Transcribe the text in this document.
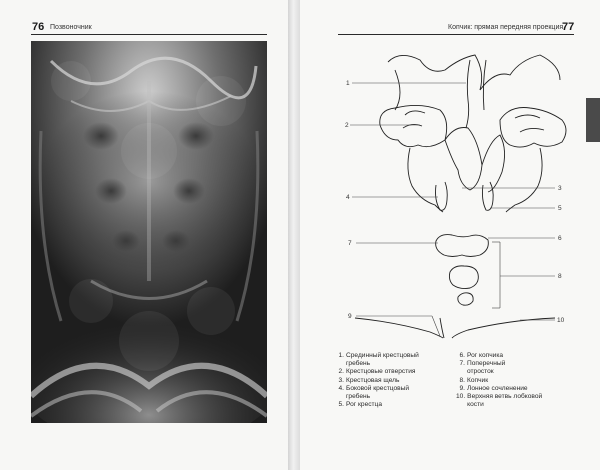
76 Позвоночник	Копчик: прямая передняя проекция
77
1. Срединный крестцовый
гребень
2. Крестцовые отверстия
3. Крестцовая щель
4. Боковой крестцовый
гребень
5. Рог крестца
6. Рог копчика
7. Поперечный
отросток
8. Копчик
9. Лонное сочленение
10. Верхняя ветвь лобковой
кости
1
2
3
4
5
6
7
8
9
10
